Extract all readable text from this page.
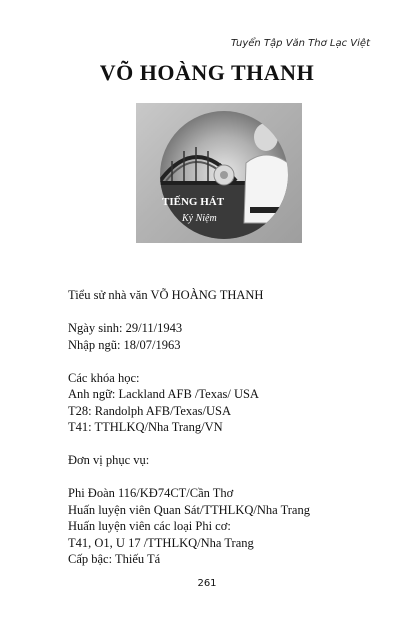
Tuyển Tập Văn Thơ Lạc Việt
VÕ HOÀNG THANH
TIẾNG HÁT
Kỷ Niệm
Tiểu sử nhà văn VÕ HOÀNG THANH
Ngày sinh: 29/11/1943
Nhập ngũ: 18/07/1963
Các khóa học:
Anh ngữ: Lackland AFB /Texas/ USA
T28: Randolph AFB/Texas/USA
T41: TTHLKQ/Nha Trang/VN
Đơn vị phục vụ:
Phi Đoàn 116/KĐ74CT/Cần Thơ
Huấn luyện viên Quan Sát/TTHLKQ/Nha Trang
Huấn luyện viên các loại Phi cơ:
T41, O1, U 17 /TTHLKQ/Nha Trang
Cấp bậc: Thiếu Tá
261
